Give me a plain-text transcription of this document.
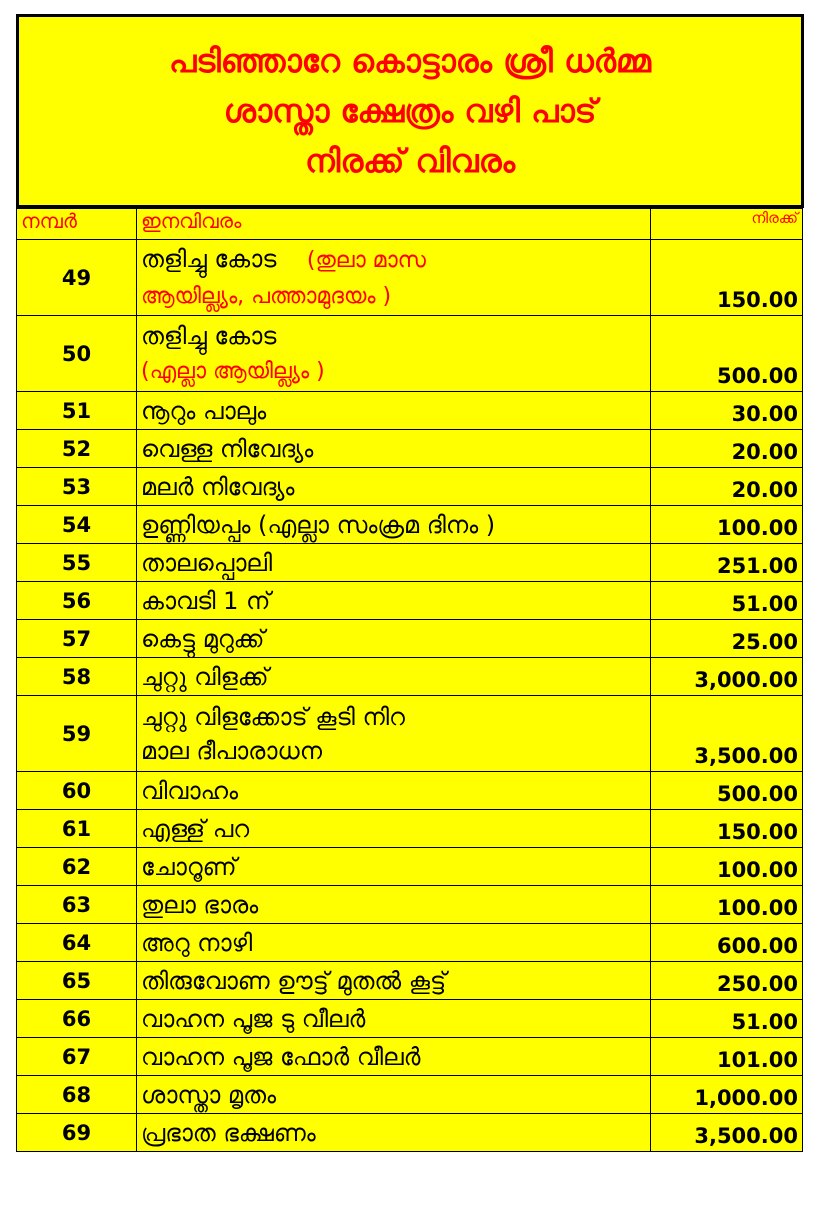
പടിഞ്ഞാറേ കൊട്ടാരം ശ്രീ ധർമ്മ
ശാസ്താ ക്ഷേത്രം വഴി പാട്
നിരക്ക് വിവരം
നമ്പർ	ഇനവിവരം	നിരക്ക്
49	തളിച്ചു കോട (തുലാ മാസ
ആയില്ല്യം, പത്താമുദയം )	150.00
50	തളിച്ചു കോട
(എല്ലാ ആയില്ല്യം )	500.00
51	നൂറും പാലും	30.00
52	വെള്ള നിവേദ്യം	20.00
53	മലർ നിവേദ്യം	20.00
54	ഉണ്ണിയപ്പം (എല്ലാ സംക്രമ ദിനം )	100.00
55	താലപ്പൊലി	251.00
56	കാവടി 1 ന്	51.00
57	കെട്ടു മുറുക്ക്	25.00
58	ചുറ്റു വിളക്ക്	3,000.00
59	ചുറ്റു വിളക്കോട് കൂടി നിറ
മാല ദീപാരാധന	3,500.00
60	വിവാഹം	500.00
61	എള്ള് പറ	150.00
62	ചോറൂണ്	100.00
63	തുലാ ഭാരം	100.00
64	അറു നാഴി	600.00
65	തിരുവോണ ഊട്ട് മുതൽ കൂട്ട്	250.00
66	വാഹന പൂജ ടു വീലർ	51.00
67	വാഹന പൂജ ഫോർ വീലർ	101.00
68	ശാസ്താ മൃതം	1,000.00
69	പ്രഭാത ഭക്ഷണം	3,500.00
